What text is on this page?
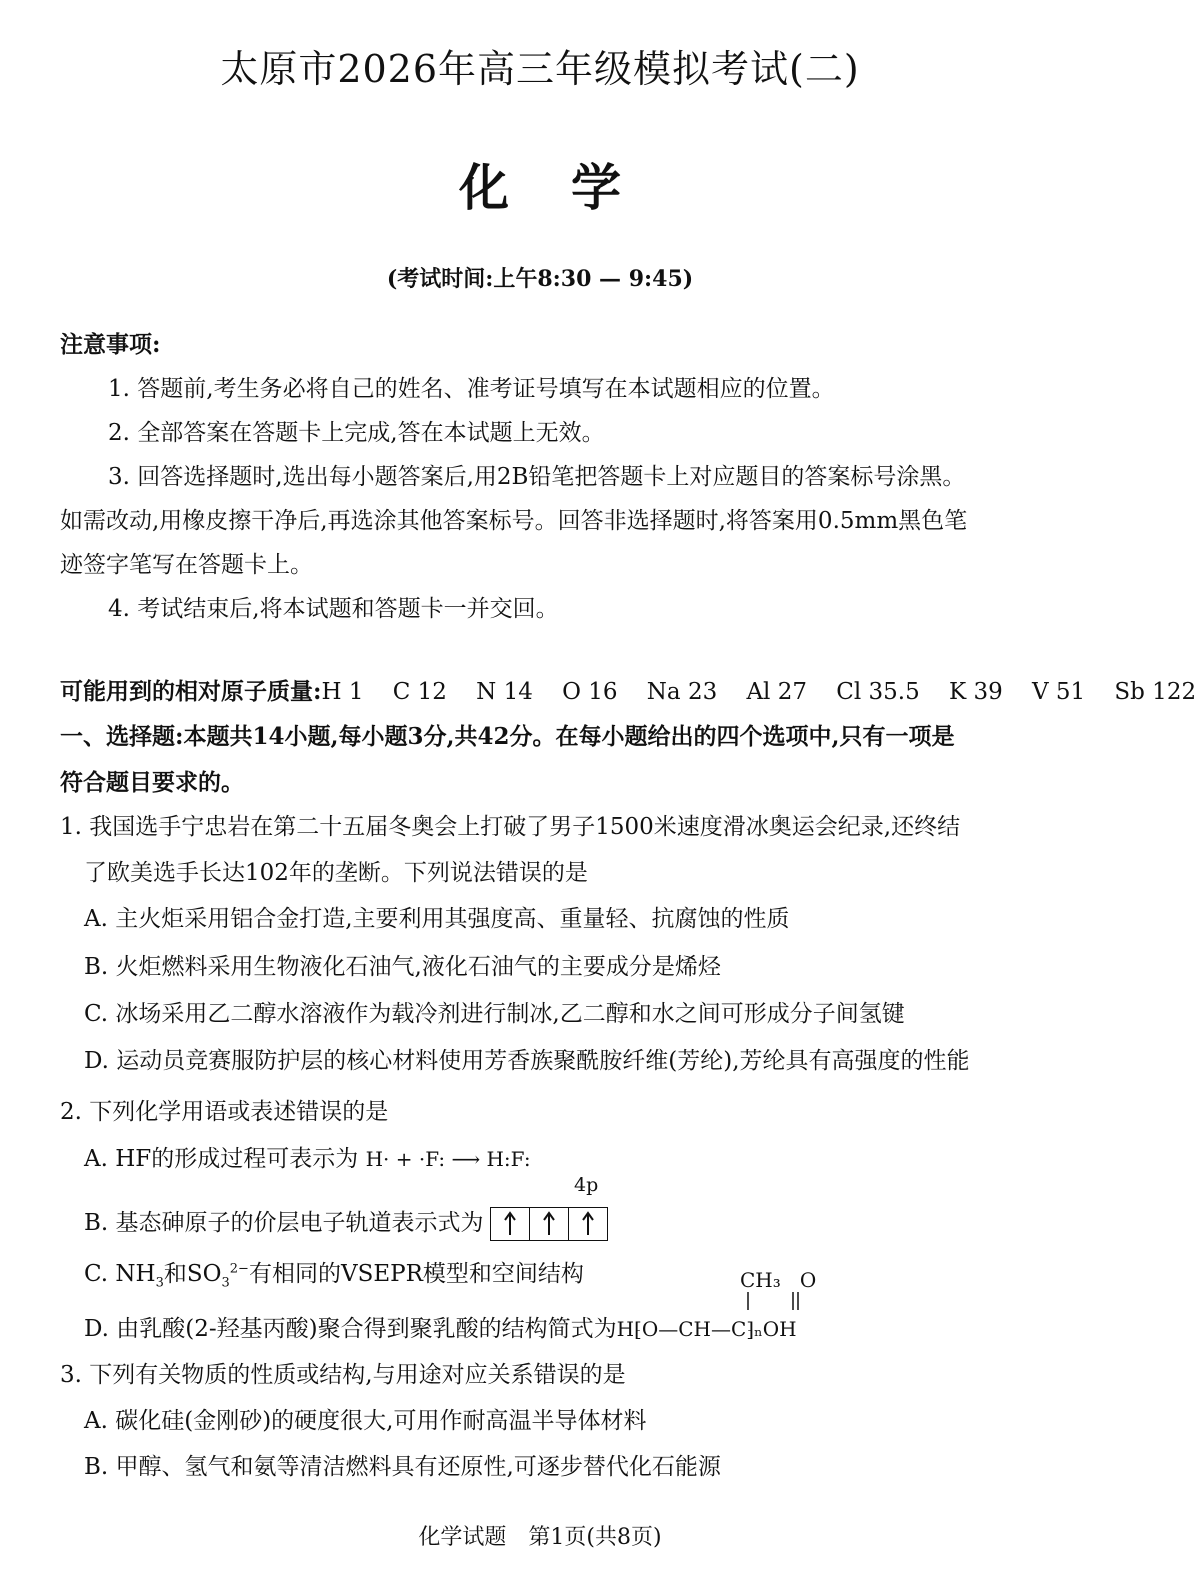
太原市2026年高三年级模拟考试(二)
化 学
(考试时间:上午8:30 — 9:45)
注意事项:
1. 答题前,考生务必将自己的姓名、准考证号填写在本试题相应的位置。
2. 全部答案在答题卡上完成,答在本试题上无效。
3. 回答选择题时,选出每小题答案后,用2B铅笔把答题卡上对应题目的答案标号涂黑。
如需改动,用橡皮擦干净后,再选涂其他答案标号。回答非选择题时,将答案用0.5mm黑色笔
迹签字笔写在答题卡上。
4. 考试结束后,将本试题和答题卡一并交回。
可能用到的相对原子质量:H 1    C 12    N 14    O 16    Na 23    Al 27    Cl 35.5    K 39    V 51    Sb 122
一、选择题:本题共14小题,每小题3分,共42分。在每小题给出的四个选项中,只有一项是
符合题目要求的。
1. 我国选手宁忠岩在第二十五届冬奥会上打破了男子1500米速度滑冰奥运会纪录,还终结
了欧美选手长达102年的垄断。下列说法错误的是
A. 主火炬采用铝合金打造,主要利用其强度高、重量轻、抗腐蚀的性质
B. 火炬燃料采用生物液化石油气,液化石油气的主要成分是烯烃
C. 冰场采用乙二醇水溶液作为载冷剂进行制冰,乙二醇和水之间可形成分子间氢键
D. 运动员竞赛服防护层的核心材料使用芳香族聚酰胺纤维(芳纶),芳纶具有高强度的性能
2. 下列化学用语或表述错误的是
A. HF的形成过程可表示为 H· + ·F: ⟶ H:F:
4p
B. 基态砷原子的价层电子轨道表示式为
C. $NH_3$和$SO_3^{2-}$有相同的VSEPR模型和空间结构	CH₃   O
D. 由乳酸(2-羟基丙酸)聚合得到聚乳酸的结构简式为H⁅O—CH—C⁆ₙOH
3. 下列有关物质的性质或结构,与用途对应关系错误的是
A. 碳化硅(金刚砂)的硬度很大,可用作耐高温半导体材料
B. 甲醇、氢气和氨等清洁燃料具有还原性,可逐步替代化石能源
化学试题　第1页(共8页)
